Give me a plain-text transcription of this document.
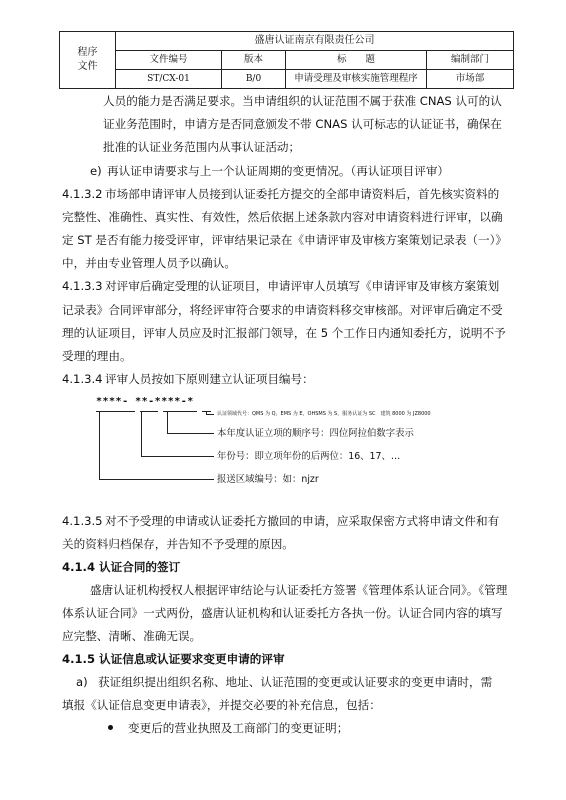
程序
文件	盛唐认证南京有限责任公司			
	文件编号	版本	标　　题	编制部门
	ST/CX-01	B/0	申请受理及审核实施管理程序	市场部
人员的能力是否满足要求。当申请组织的认证范围不属于获准 CNAS 认可的认
证业务范围时，申请方是否同意颁发不带 CNAS 认可标志的认证证书，确保在
批准的认证业务范围内从事认证活动；
e) 再认证申请要求与上一个认证周期的变更情况。（再认证项目评审）
4.1.3.2 市场部申请评审人员接到认证委托方提交的全部申请资料后，首先核实资料的
完整性、准确性、真实性、有效性，然后依据上述条款内容对申请资料进行评审，以确
定 ST 是否有能力接受评审，评审结果记录在《申请评审及审核方案策划记录表（一）》
中，并由专业管理人员予以确认。
4.1.3.3 对评审后确定受理的认证项目，申请评审人员填写《申请评审及审核方案策划
记录表》合同评审部分，将经评审符合要求的申请资料移交审核部。对评审后确定不受
理的认证项目，评审人员应及时汇报部门领导，在 5 个工作日内通知委托方，说明不予
受理的理由。
4.1.3.4 评审人员按如下原则建立认证项目编号：
****- **-****-*
认证领域代号：QMS 为 Q，EMS 为 E，OHSMS 为 S，服务认证为 SC　建筑 8000 为 JZ8000
本年度认证立项的顺序号：四位阿拉伯数字表示
年份号：即立项年份的后两位：16、17、…
报送区域编号：如：njzr
4.1.3.5 对不予受理的申请或认证委托方撤回的申请，应采取保密方式将申请文件和有
关的资料归档保存，并告知不予受理的原因。
4.1.4 认证合同的签订
盛唐认证机构授权人根据评审结论与认证委托方签署《管理体系认证合同》。《管理
体系认证合同》一式两份，盛唐认证机构和认证委托方各执一份。认证合同内容的填写
应完整、清晰、准确无误。
4.1.5 认证信息或认证要求变更申请的评审
a) 获证组织提出组织名称、地址、认证范围的变更或认证要求的变更申请时，需
填报《认证信息变更申请表》，并提交必要的补充信息，包括：
变更后的营业执照及工商部门的变更证明；
